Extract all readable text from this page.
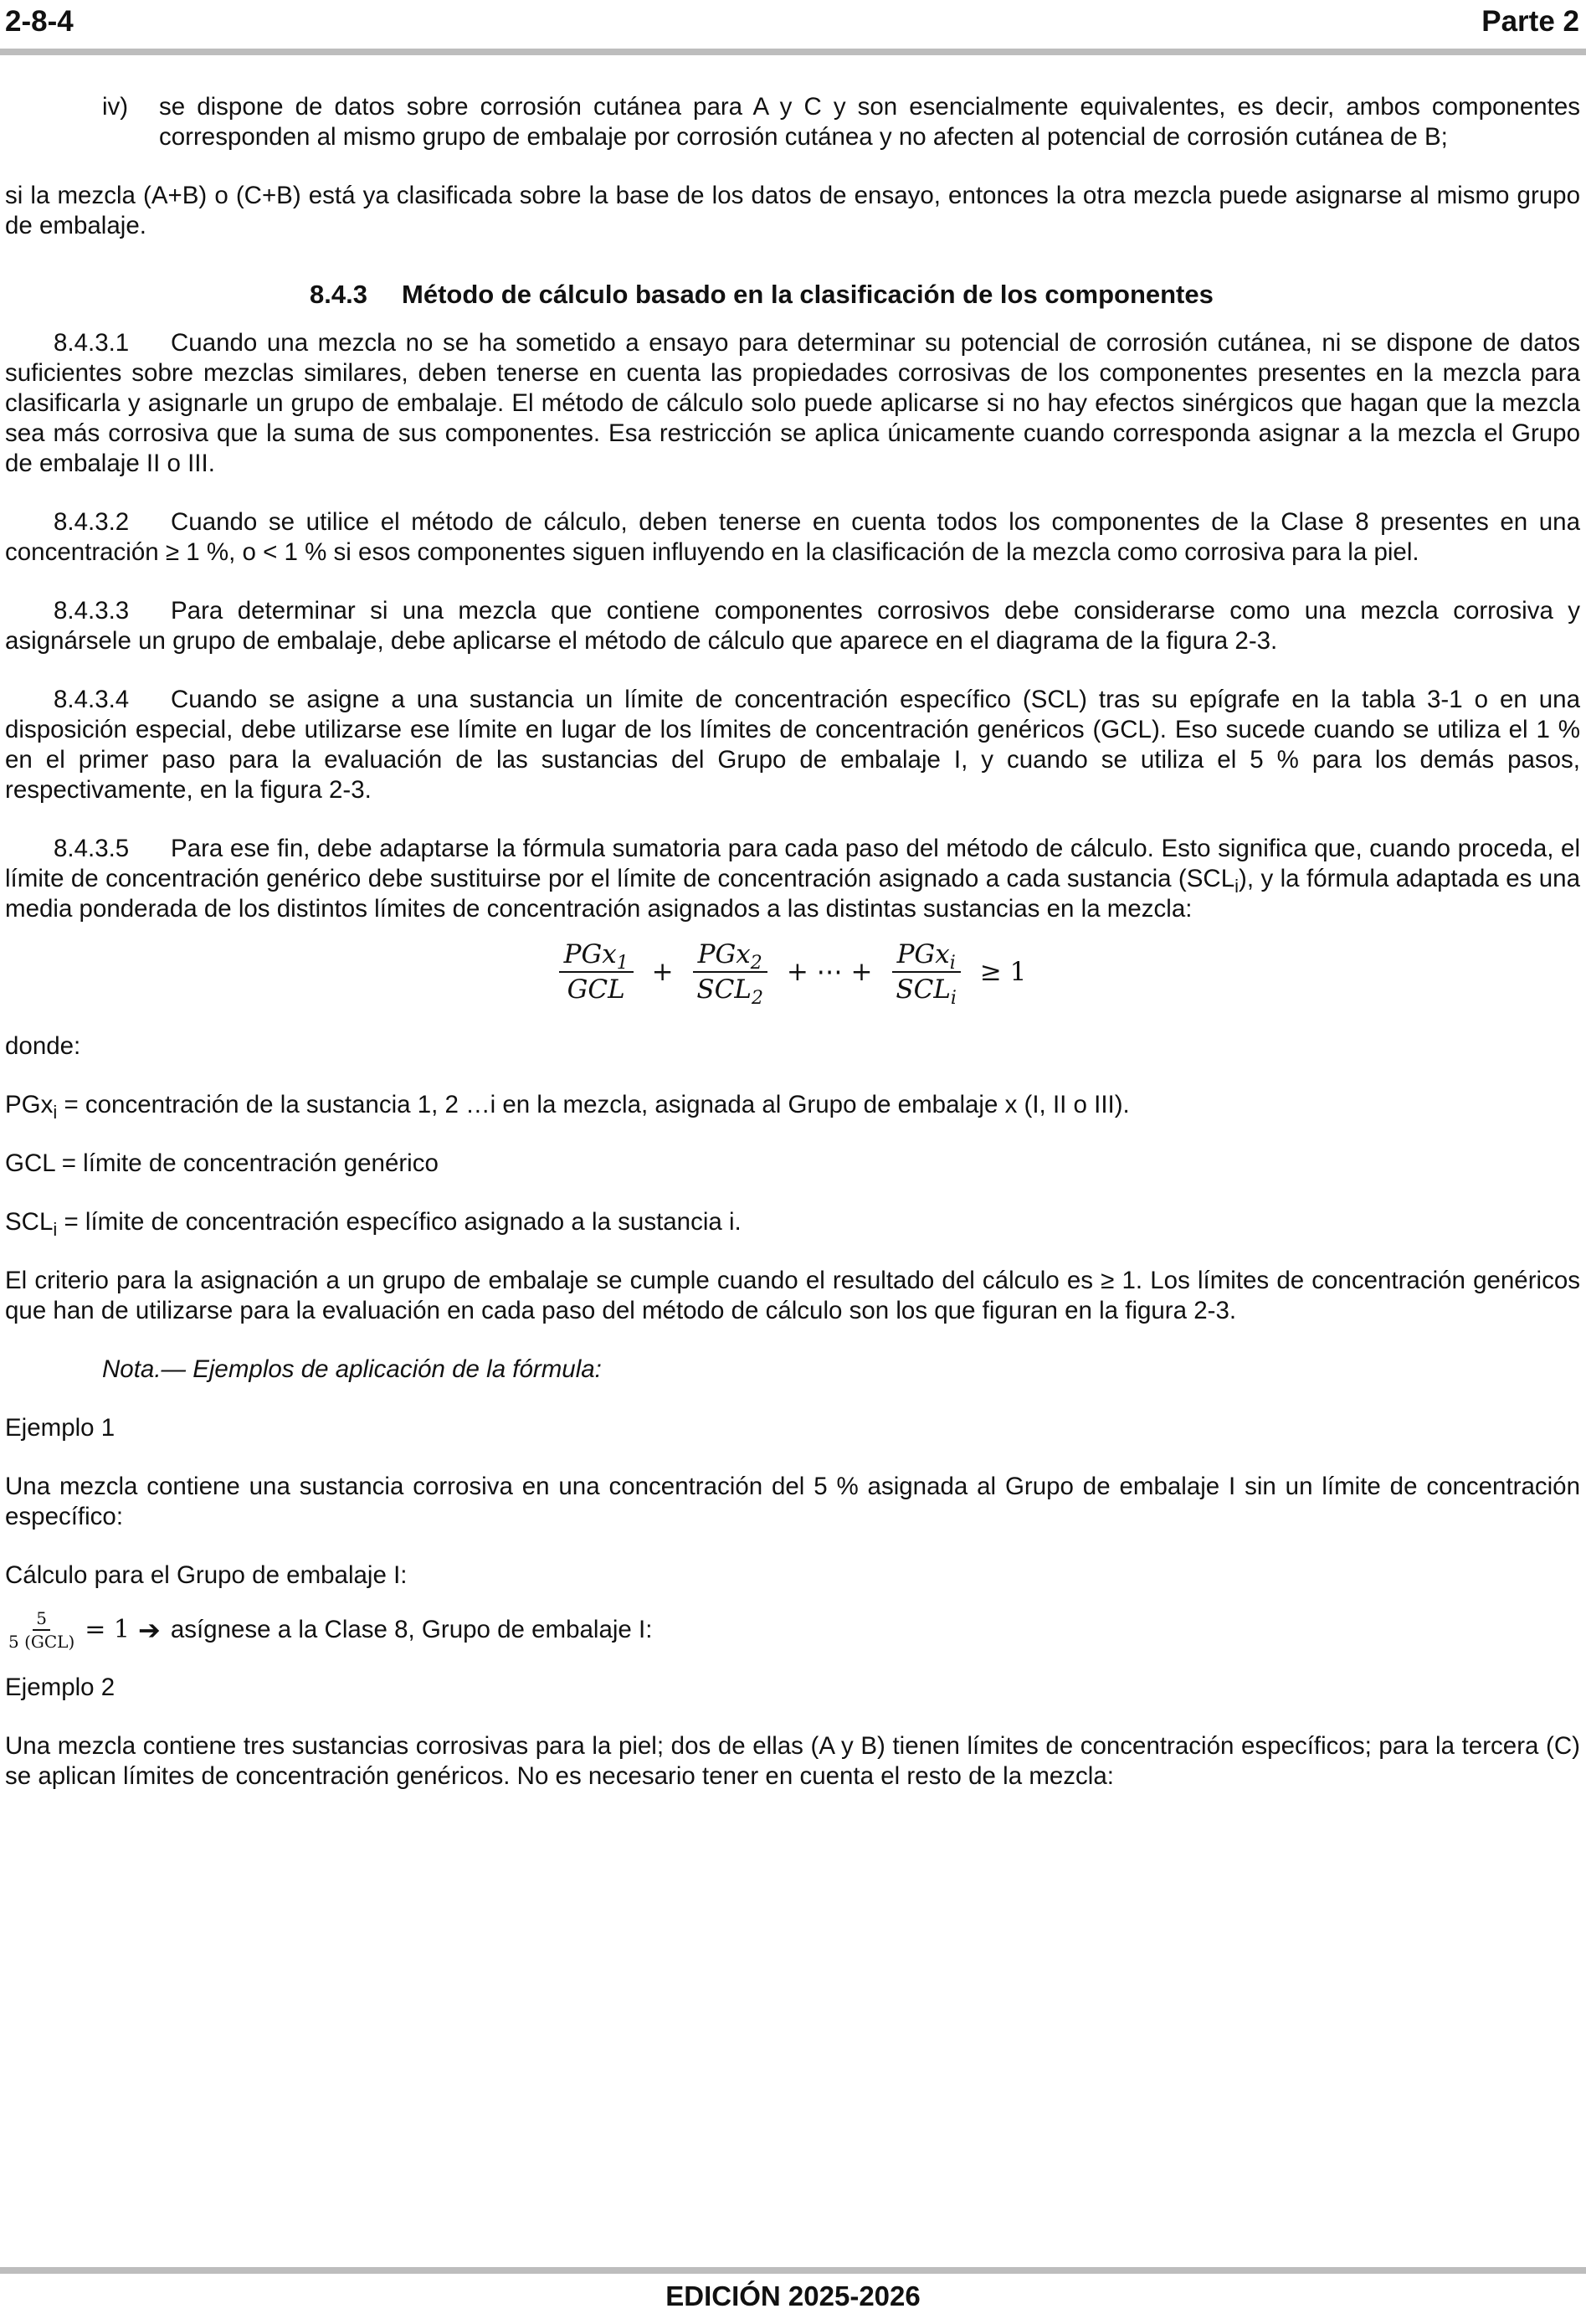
2-8-4	Parte 2
iv)	se dispone de datos sobre corrosión cutánea para A y C y son esencialmente equivalentes, es decir, ambos componentes corresponden al mismo grupo de embalaje por corrosión cutánea y no afecten al potencial de corrosión cutánea de B;

si la mezcla (A+B) o (C+B) está ya clasificada sobre la base de los datos de ensayo, entonces la otra mezcla puede asignarse al mismo grupo de embalaje.

8.4.3 Método de cálculo basado en la clasificación de los componentes

8.4.3.1 Cuando una mezcla no se ha sometido a ensayo para determinar su potencial de corrosión cutánea, ni se dispone de datos suficientes sobre mezclas similares, deben tenerse en cuenta las propiedades corrosivas de los componentes presentes en la mezcla para clasificarla y asignarle un grupo de embalaje. El método de cálculo solo puede aplicarse si no hay efectos sinérgicos que hagan que la mezcla sea más corrosiva que la suma de sus componentes. Esa restricción se aplica únicamente cuando corresponda asignar a la mezcla el Grupo de embalaje II o III.

8.4.3.2 Cuando se utilice el método de cálculo, deben tenerse en cuenta todos los componentes de la Clase 8 presentes en una concentración ≥ 1 %, o < 1 % si esos componentes siguen influyendo en la clasificación de la mezcla como corrosiva para la piel.

8.4.3.3 Para determinar si una mezcla que contiene componentes corrosivos debe considerarse como una mezcla corrosiva y asignársele un grupo de embalaje, debe aplicarse el método de cálculo que aparece en el diagrama de la figura 2-3.

8.4.3.4 Cuando se asigne a una sustancia un límite de concentración específico (SCL) tras su epígrafe en la tabla 3-1 o en una disposición especial, debe utilizarse ese límite en lugar de los límites de concentración genéricos (GCL). Eso sucede cuando se utiliza el 1 % en el primer paso para la evaluación de las sustancias del Grupo de embalaje I, y cuando se utiliza el 5 % para los demás pasos, respectivamente, en la figura 2-3.

8.4.3.5 Para ese fin, debe adaptarse la fórmula sumatoria para cada paso del método de cálculo. Esto significa que, cuando proceda, el límite de concentración genérico debe sustituirse por el límite de concentración asignado a cada sustancia $(SCL_i)$, y la fórmula adaptada es una media ponderada de los distintos límites de concentración asignados a las distintas sustancias en la mezcla:

$\frac{PGx_1}{\text{GCL}} + \frac{PGx_2}{SCL_2}$ + ⋯ + $\frac{PGx_i}{SCL_i} \ge 1$

donde:

PGx$_i$ = concentración de la sustancia 1, 2 …i en la mezcla, asignada al Grupo de embalaje x (I, II o III).

GCL = límite de concentración genérico

$SCL_i$ = límite de concentración específico asignado a la sustancia i.

El criterio para la asignación a un grupo de embalaje se cumple cuando el resultado del cálculo es ≥ 1. Los límites de concentración genéricos que han de utilizarse para la evaluación en cada paso del método de cálculo son los que figuran en la figura 2-3.

Nota.— Ejemplos de aplicación de la fórmula:

Ejemplo 1

Una mezcla contiene una sustancia corrosiva en una concentración del 5 % asignada al Grupo de embalaje I sin un límite de concentración específico:

Cálculo para el Grupo de embalaje I:

5
5 (GCL) = 1 ➔ asígnese a la Clase 8, Grupo de embalaje I:

Ejemplo 2

Una mezcla contiene tres sustancias corrosivas para la piel; dos de ellas (A y B) tienen límites de concentración específicos; para la tercera (C) se aplican límites de concentración genéricos. No es necesario tener en cuenta el resto de la mezcla:

EDICIÓN 2025-2026
